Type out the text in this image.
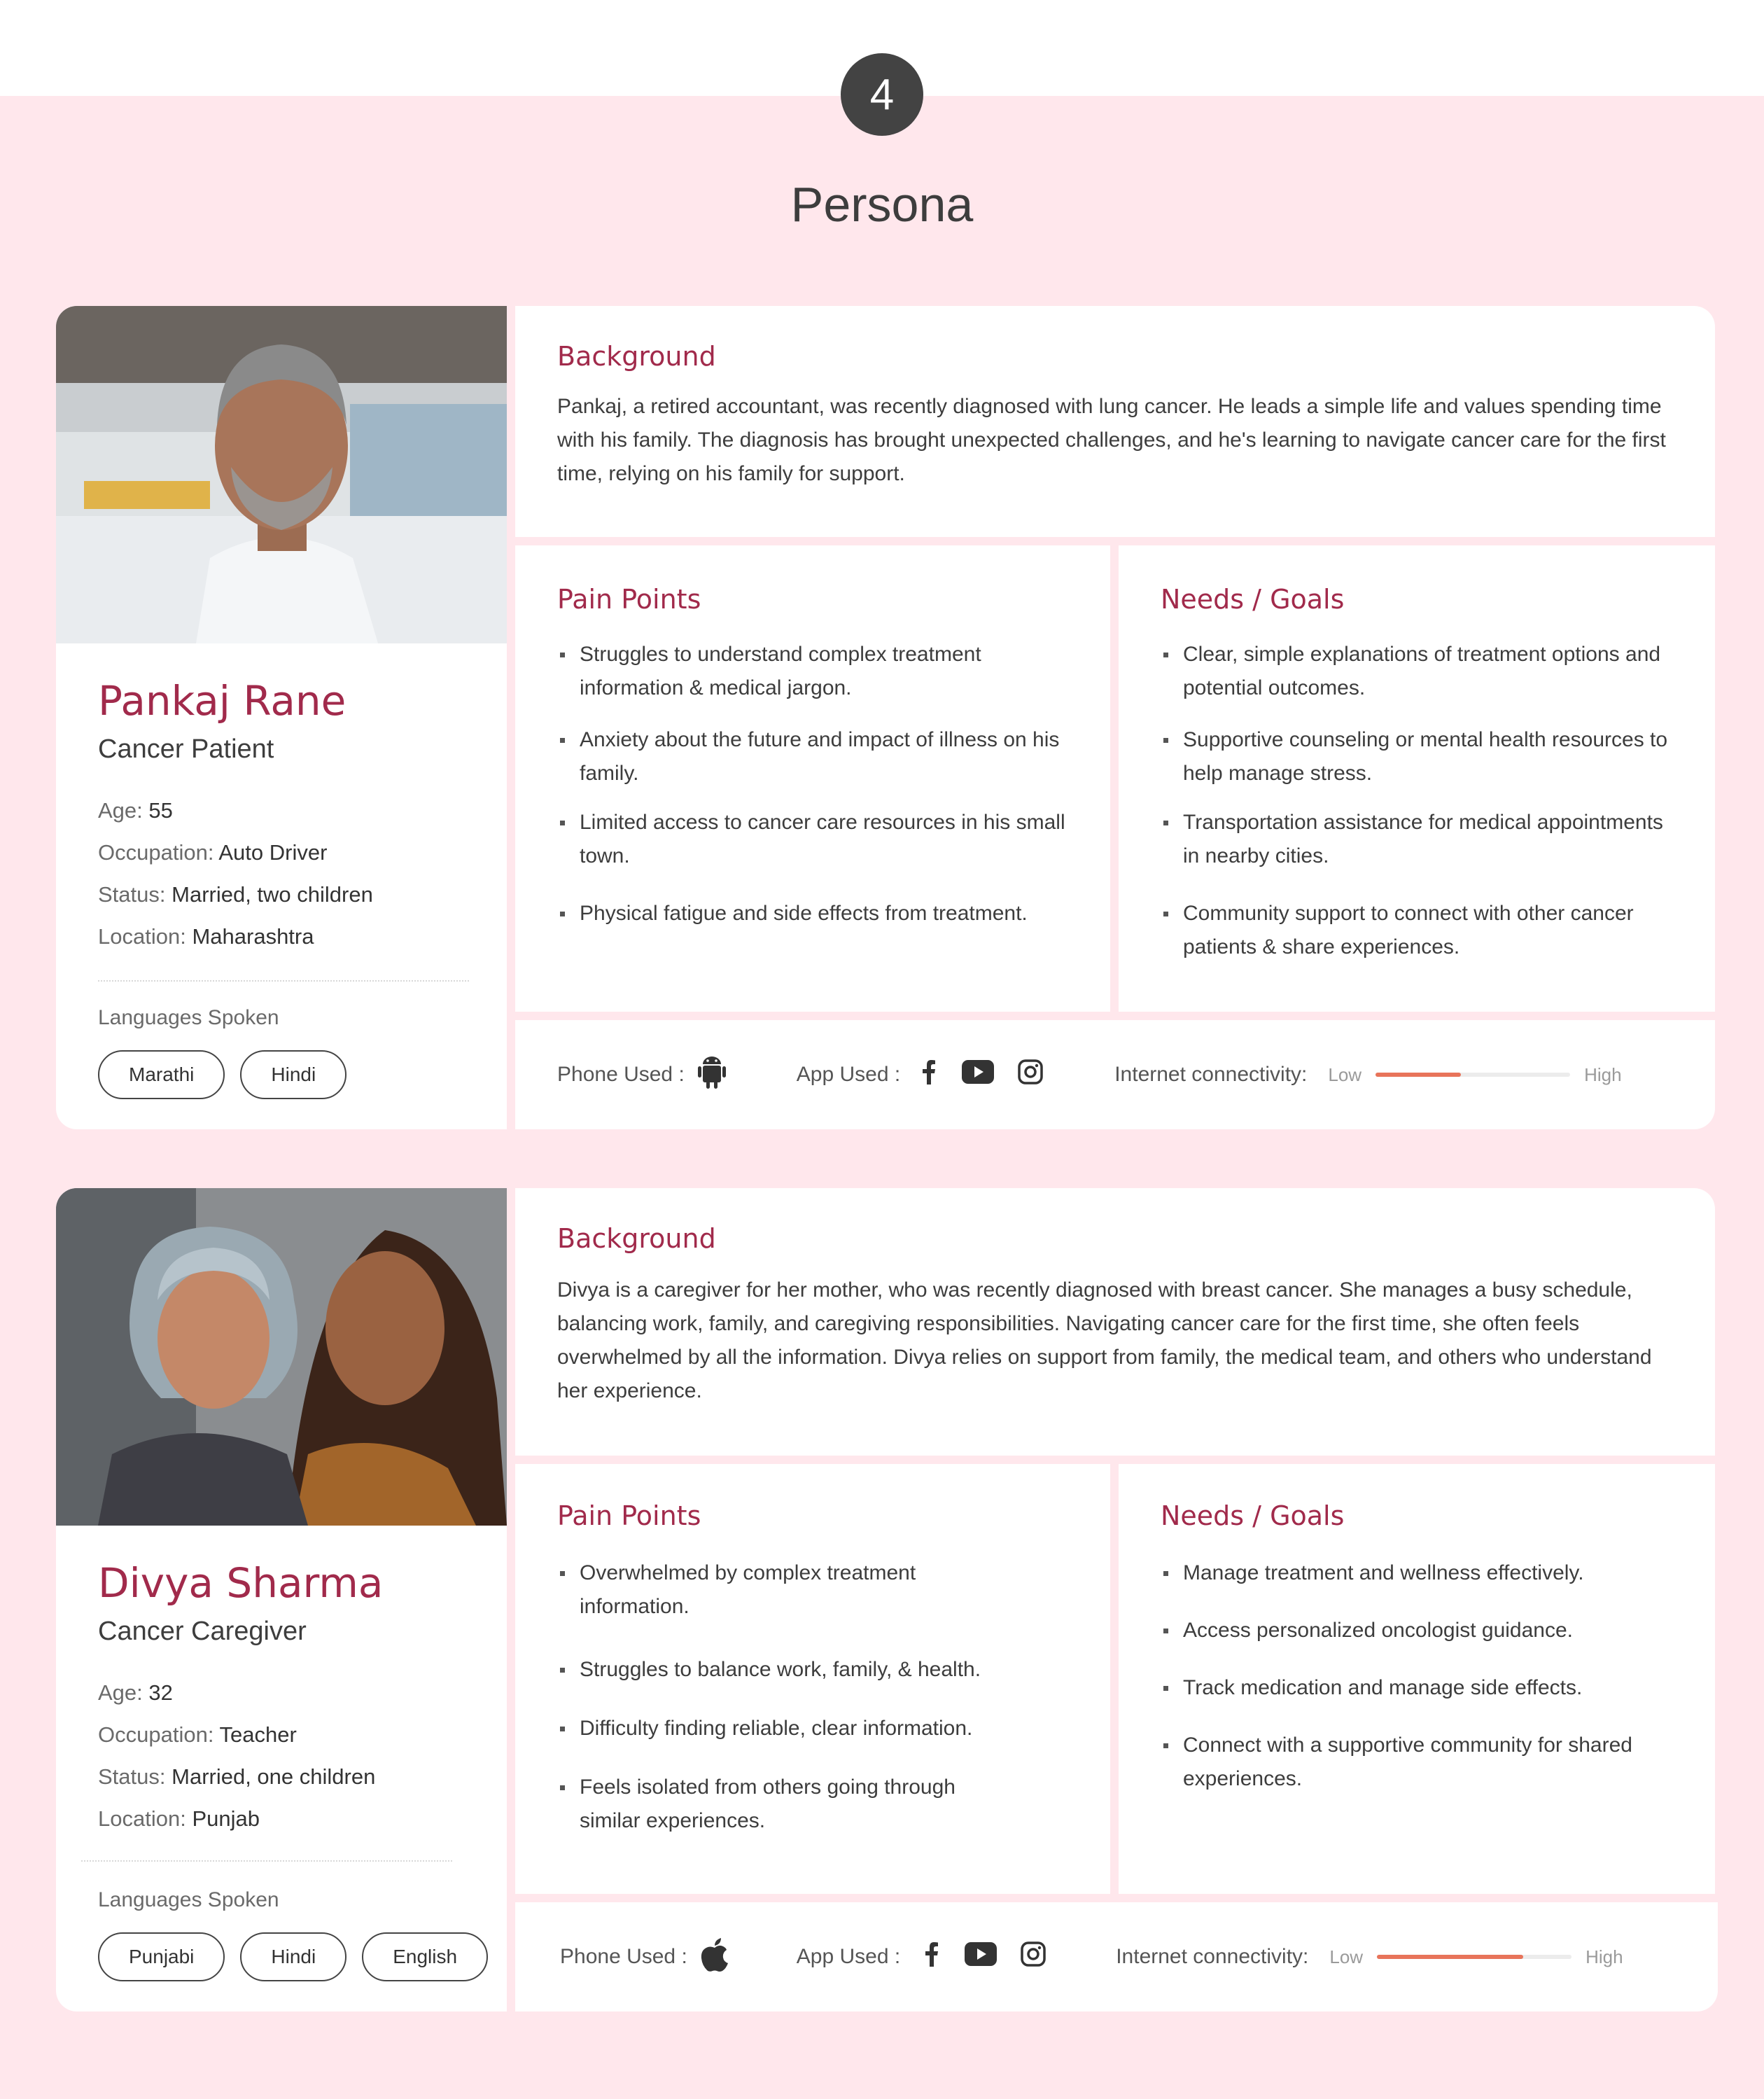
4
Persona
Pankaj Rane
Cancer Patient
Age: 55
Occupation: Auto Driver
Status: Married, two children
Location: Maharashtra
Languages Spoken
Marathi	Hindi
Background
Pankaj, a retired accountant, was recently diagnosed with lung cancer. He leads a simple life and values spending time with his family. The diagnosis has brought unexpected challenges, and he's learning to navigate cancer care for the first time, relying on his family for support.
Pain Points
Struggles to understand complex treatment information & medical jargon.
Anxiety about the future and impact of illness on his family.
Limited access to cancer care resources in his small town.
Physical fatigue and side effects from treatment.
Needs / Goals
Clear, simple explanations of treatment options and potential outcomes.
Supportive counseling or mental health resources to help manage stress.
Transportation assistance for medical appointments in nearby cities.
Community support to connect with other cancer patients & share experiences.
Phone Used :	App Used :	Internet connectivity: Low	High
Divya Sharma
Cancer Caregiver
Age: 32
Occupation: Teacher
Status: Married, one children
Location: Punjab
Languages Spoken
Punjabi	Hindi	English
Background
Divya is a caregiver for her mother, who was recently diagnosed with breast cancer. She manages a busy schedule, balancing work, family, and caregiving responsibilities. Navigating cancer care for the first time, she often feels overwhelmed by all the information. Divya relies on support from family, the medical team, and others who understand her experience.
Pain Points
Overwhelmed by complex treatment information.
Struggles to balance work, family, & health.
Difficulty finding reliable, clear information.
Feels isolated from others going through similar experiences.
Needs / Goals
Manage treatment and wellness effectively.
Access personalized oncologist guidance.
Track medication and manage side effects.
Connect with a supportive community for shared experiences.
Phone Used :	App Used :	Internet connectivity: Low	High
